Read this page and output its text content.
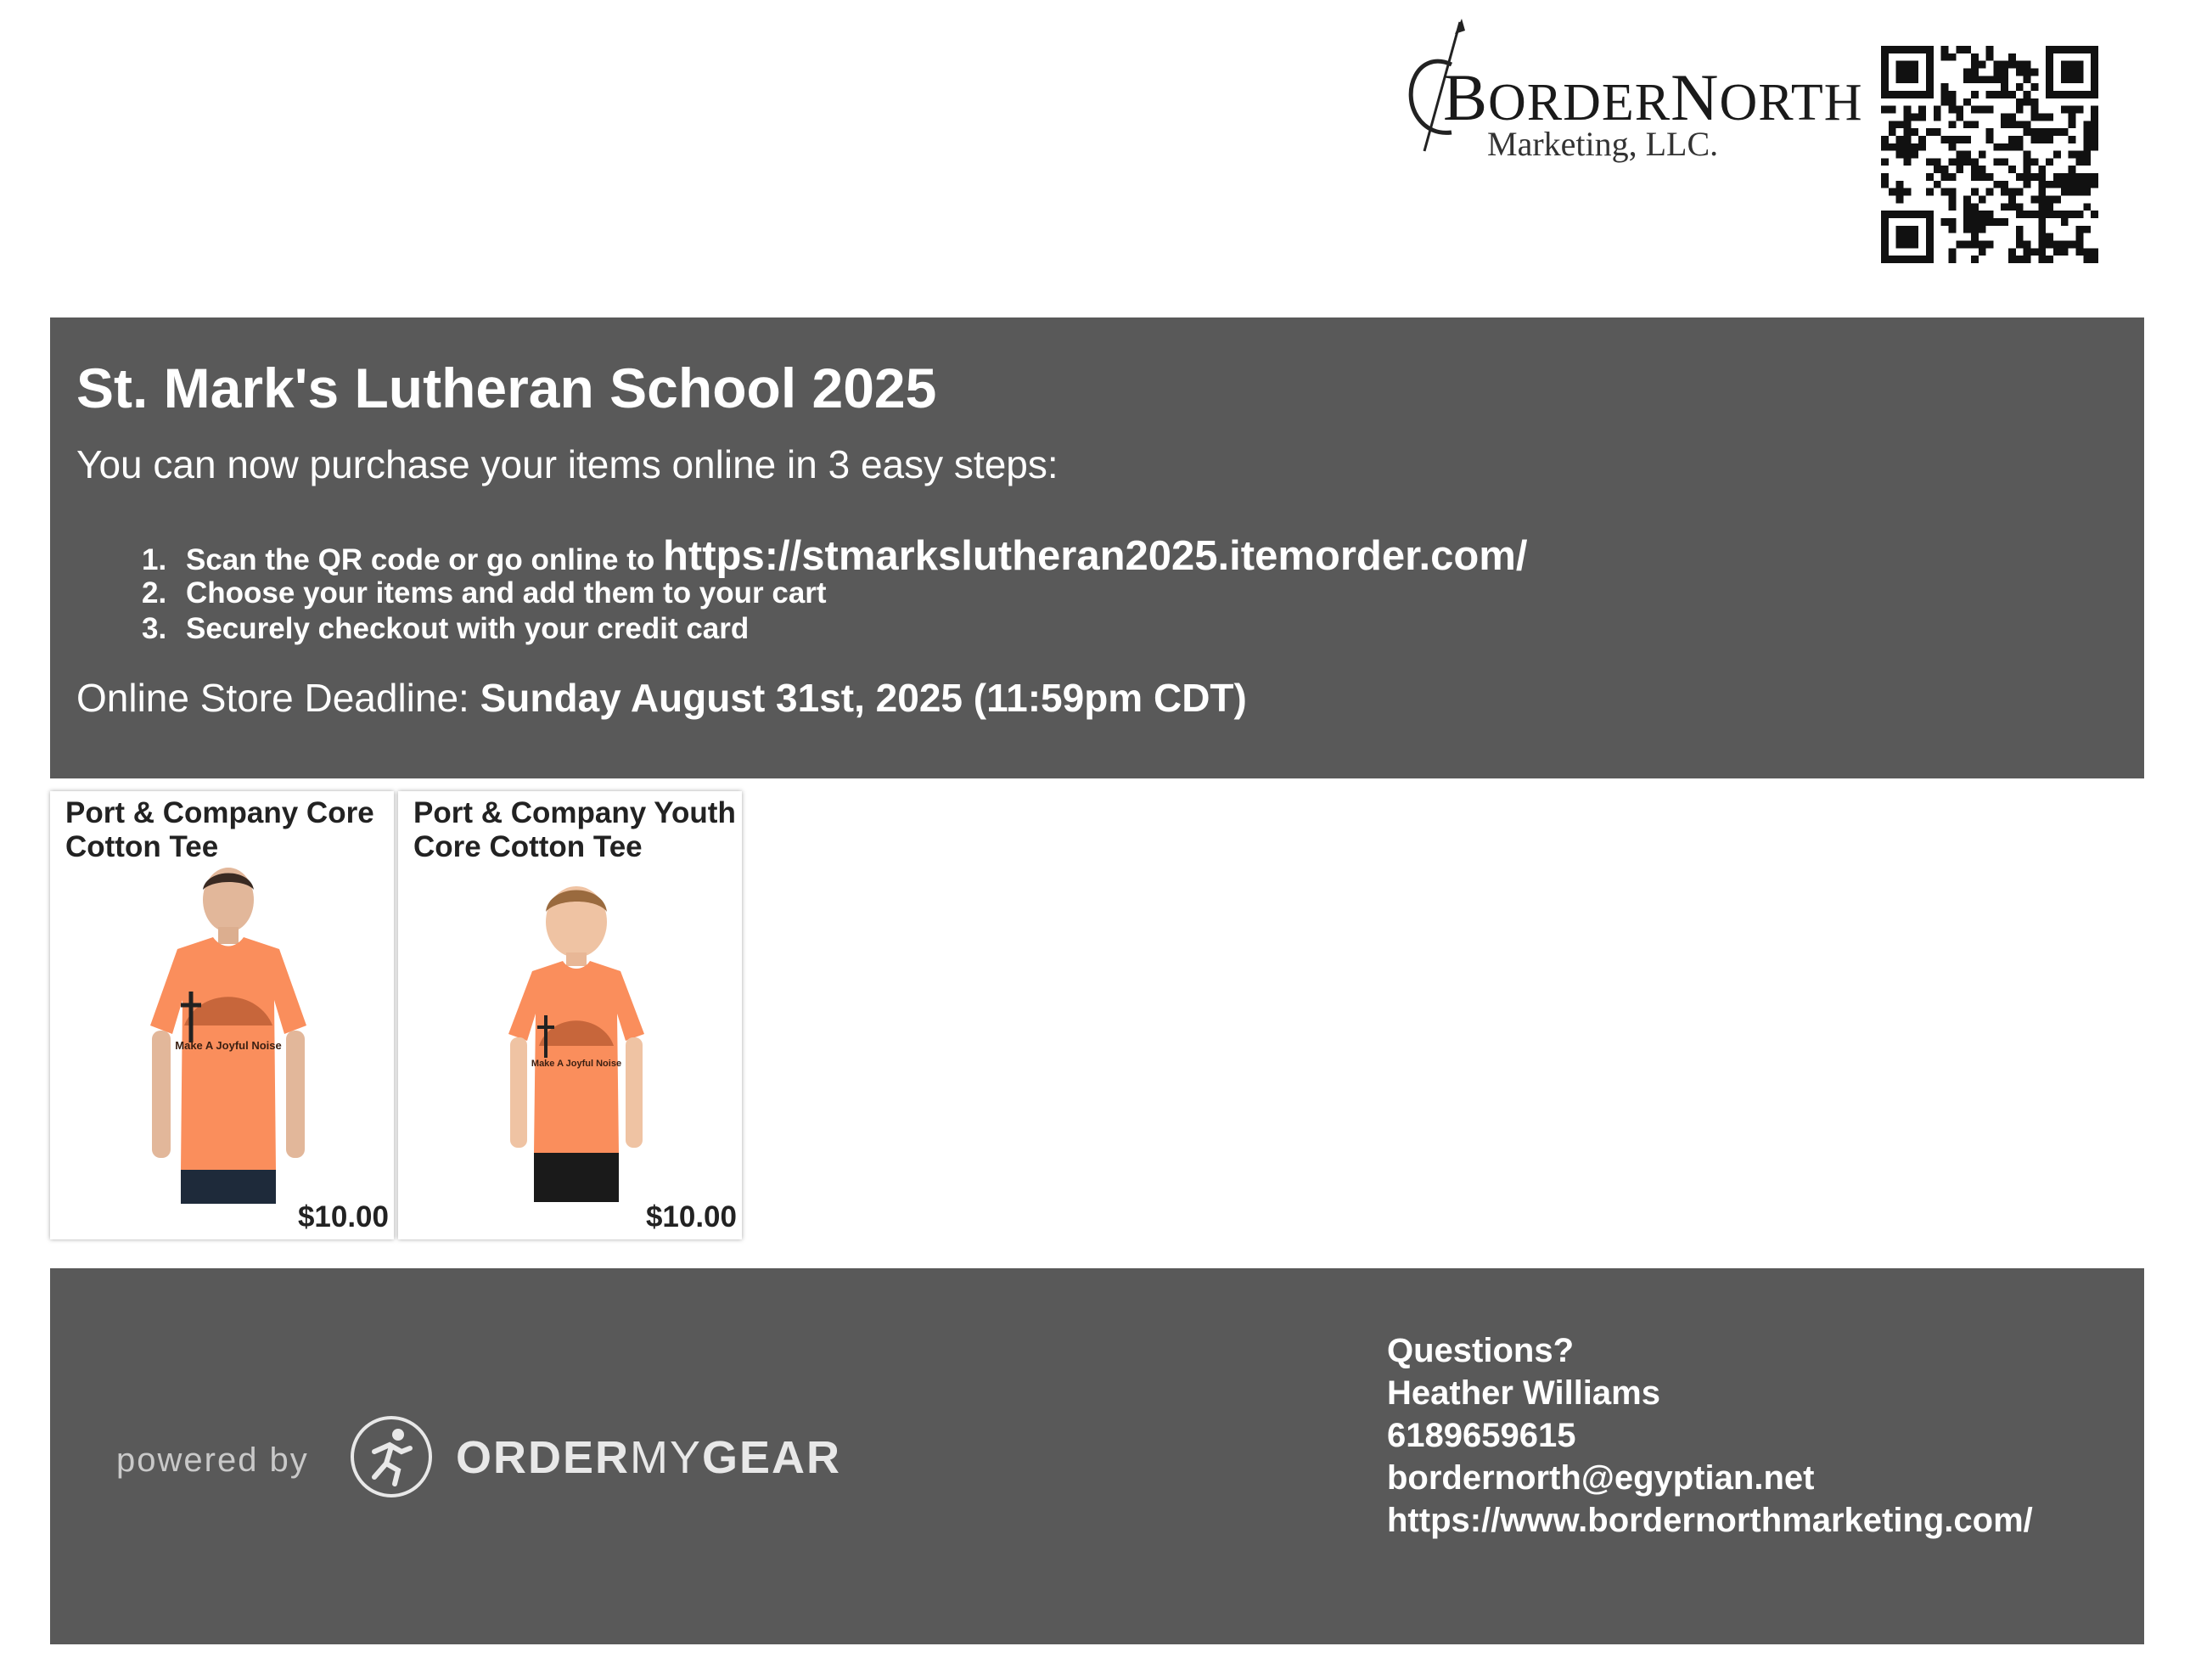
BORDERNORTH
Marketing, LLC.
St. Mark's Lutheran School 2025
You can now purchase your items online in 3 easy steps:
1. Scan the QR code or go online to https://stmarkslutheran2025.itemorder.com/
2. Choose your items and add them to your cart
3. Securely checkout with your credit card
Online Store Deadline: Sunday August 31st, 2025 (11:59pm CDT)
Port & Company Core Cotton Tee
Make A Joyful Noise
$10.00
Port & Company Youth Core Cotton Tee
Make A Joyful Noise
$10.00
powered by	ORDERMYGEAR
Questions?
Heather Williams
6189659615
bordernorth@egyptian.net
https://www.bordernorthmarketing.com/
